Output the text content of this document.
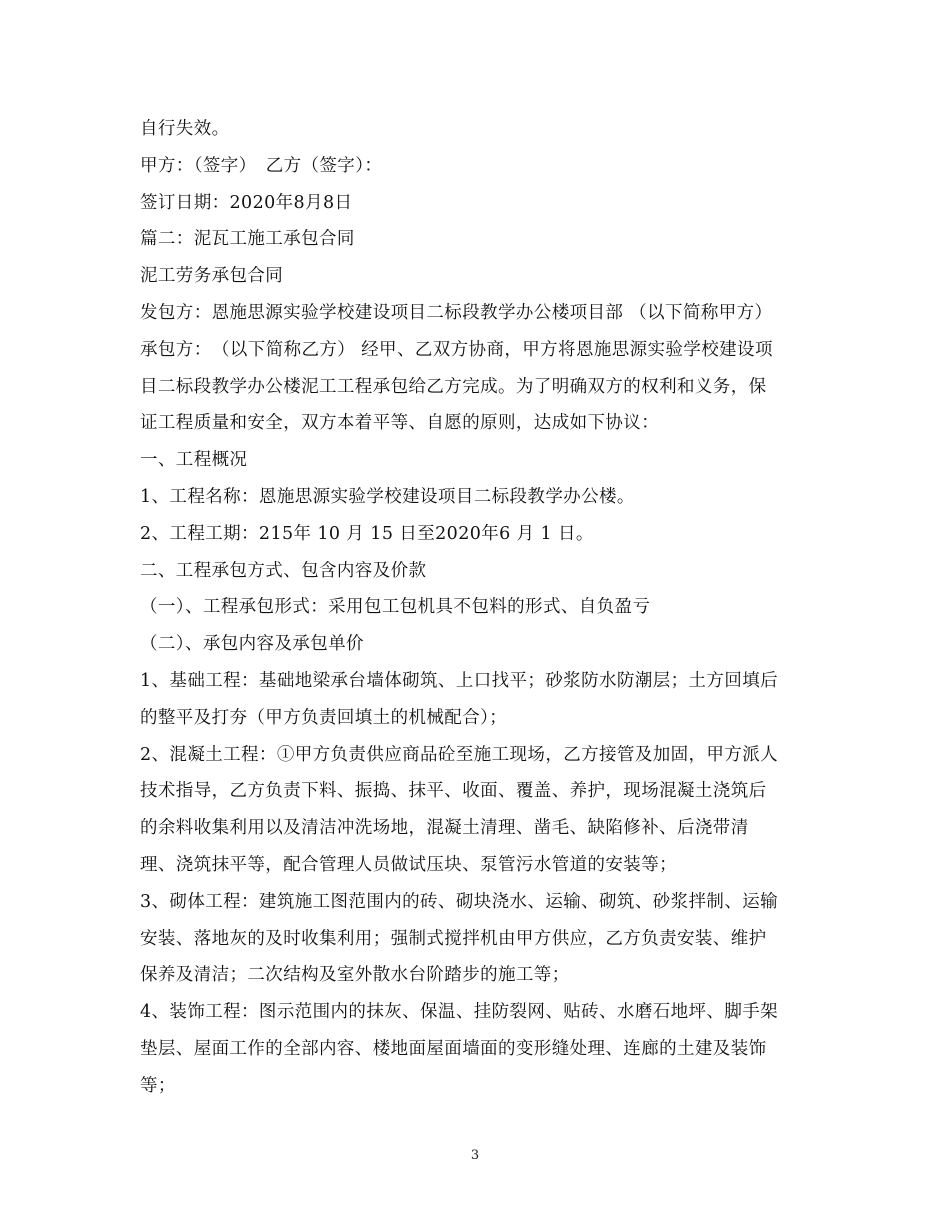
自行失效。
甲方：（签字）　乙方（签字）：
签订日期：2020年8月8日
篇二：泥瓦工施工承包合同
泥工劳务承包合同
发包方：恩施思源实验学校建设项目二标段教学办公楼项目部 （以下简称甲方）
承包方：　（以下简称乙方） 经甲、乙双方协商，甲方将恩施思源实验学校建设项
目二标段教学办公楼泥工工程承包给乙方完成。为了明确双方的权利和义务，保
证工程质量和安全，双方本着平等、自愿的原则，达成如下协议：
一、工程概况
1、工程名称：恩施思源实验学校建设项目二标段教学办公楼。
2、工程工期：215年 10 月 15 日至2020年6 月 1 日。
二、工程承包方式、包含内容及价款
（一）、工程承包形式：采用包工包机具不包料的形式、自负盈亏
（二）、承包内容及承包单价
1、基础工程：基础地梁承台墙体砌筑、上口找平；砂浆防水防潮层；土方回填后
的整平及打夯（甲方负责回填土的机械配合）；
2、混凝土工程：①甲方负责供应商品砼至施工现场，乙方接管及加固，甲方派人
技术指导，乙方负责下料、振捣、抹平、收面、覆盖、养护，现场混凝土浇筑后
的余料收集利用以及清洁冲洗场地，混凝土清理、凿毛、缺陷修补、后浇带清
理、浇筑抹平等，配合管理人员做试压块、泵管污水管道的安装等；
3、砌体工程：建筑施工图范围内的砖、砌块浇水、运输、砌筑、砂浆拌制、运输
安装、落地灰的及时收集利用；强制式搅拌机由甲方供应，乙方负责安装、维护
保养及清洁；二次结构及室外散水台阶踏步的施工等；
4、装饰工程：图示范围内的抹灰、保温、挂防裂网、贴砖、水磨石地坪、脚手架
垫层、屋面工作的全部内容、楼地面屋面墙面的变形缝处理、连廊的土建及装饰
等；
3
